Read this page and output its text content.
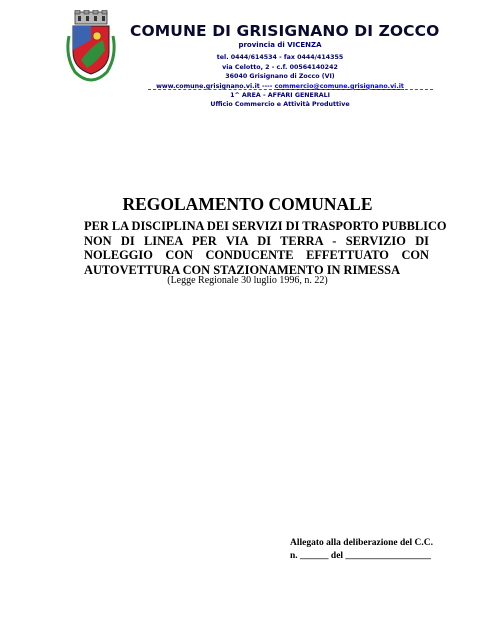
COMUNE DI GRISIGNANO DI ZOCCO
provincia di VICENZA
tel. 0444/614534 - fax 0444/414355
via Celotto, 2 - c.f. 00564140242
36040 Grisignano di Zocco (VI)
www.comune.grisignano.vi.it ---- commercio@comune.grisignano.vi.it
1^ AREA - AFFARI GENERALI
Ufficio Commercio e Attività Produttive
REGOLAMENTO COMUNALE
PER LA DISCIPLINA DEI SERVIZI DI TRASPORTO PUBBLICO
NON DI LINEA PER VIA DI TERRA - SERVIZIO DI
NOLEGGIO CON CONDUCENTE EFFETTUATO CON
AUTOVETTURA CON STAZIONAMENTO IN RIMESSA
(Legge Regionale 30 luglio 1996, n. 22)
Allegato alla deliberazione del C.C.
n. ______ del __________________
